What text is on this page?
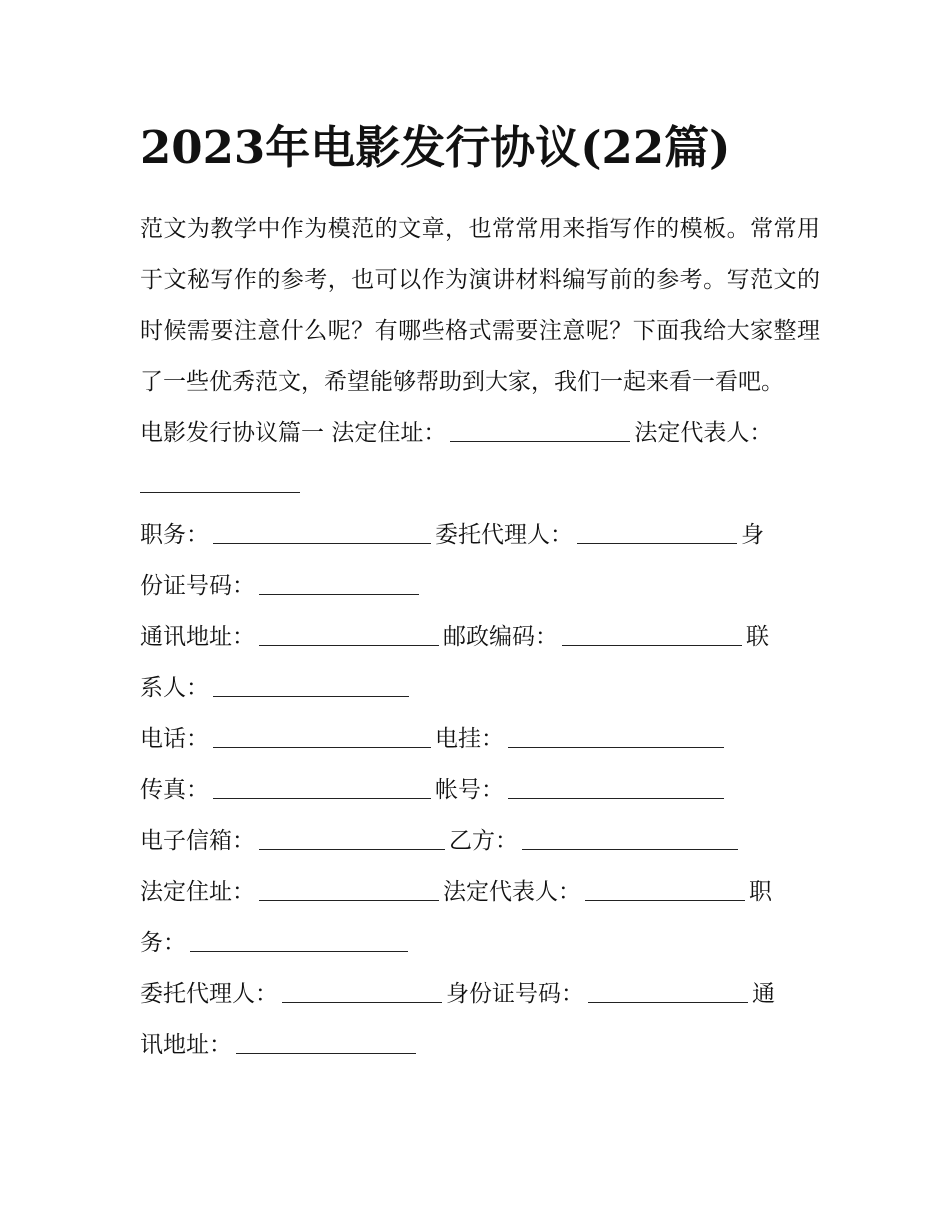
2023年电影发行协议(22篇)

范文为教学中作为模范的文章，也常常用来指写作的模板。常常用于文秘写作的参考，也可以作为演讲材料编写前的参考。写范文的时候需要注意什么呢？有哪些格式需要注意呢？下面我给大家整理了一些优秀范文，希望能够帮助到大家，我们一起来看一看吧。

电影发行协议篇一 法定住址：	法定代表人：

职务：	委托代理人：	身
份证号码：

通讯地址：	邮政编码：	联
系人：

电话：	电挂：

传真：	帐号：

电子信箱：	乙方：

法定住址：	法定代表人：	职
务：

委托代理人：	身份证号码：	通
讯地址：
